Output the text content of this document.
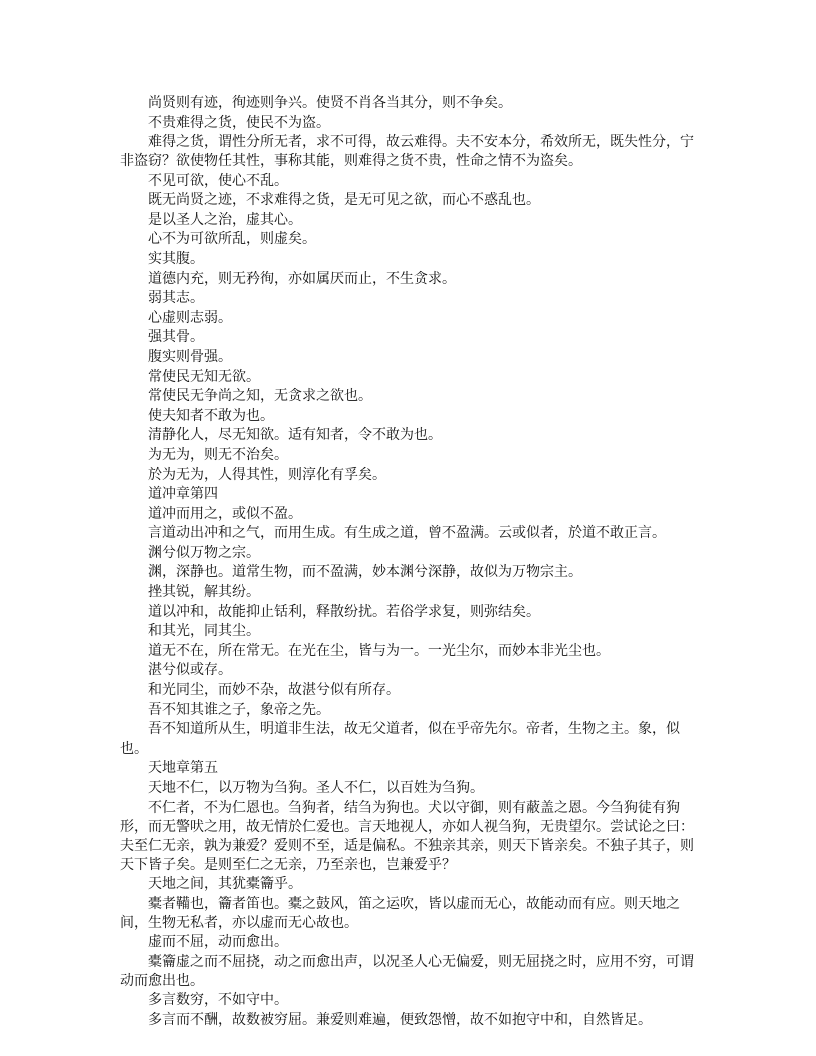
尚贤则有迹，徇迹则争兴。使贤不肖各当其分，则不争矣。

不贵难得之货，使民不为盗。

难得之货，谓性分所无者，求不可得，故云难得。夫不安本分，希效所无，既失性分，宁非盗窃？欲使物任其性，事称其能，则难得之货不贵，性命之情不为盗矣。

不见可欲，使心不乱。

既无尚贤之迹，不求难得之货，是无可见之欲，而心不惑乱也。

是以圣人之治，虚其心。

心不为可欲所乱，则虚矣。

实其腹。

道德内充，则无矜徇，亦如属厌而止，不生贪求。

弱其志。

心虚则志弱。

强其骨。

腹实则骨强。

常使民无知无欲。

常使民无争尚之知，无贪求之欲也。

使夫知者不敢为也。

清静化人，尽无知欲。适有知者，令不敢为也。

为无为，则无不治矣。

於为无为，人得其性，则淳化有孚矣。

道冲章第四

道冲而用之，或似不盈。

言道动出冲和之气，而用生成。有生成之道，曾不盈满。云或似者，於道不敢正言。

渊兮似万物之宗。

渊，深静也。道常生物，而不盈满，妙本渊兮深静，故似为万物宗主。

挫其锐，解其纷。

道以冲和，故能抑止铦利，释散纷扰。若俗学求复，则弥结矣。

和其光，同其尘。

道无不在，所在常无。在光在尘，皆与为一。一光尘尔，而妙本非光尘也。

湛兮似或存。

和光同尘，而妙不杂，故湛兮似有所存。

吾不知其谁之子，象帝之先。

吾不知道所从生，明道非生法，故无父道者，似在乎帝先尔。帝者，生物之主。象，似也。

天地章第五

天地不仁，以万物为刍狗。圣人不仁，以百姓为刍狗。

不仁者，不为仁恩也。刍狗者，结刍为狗也。犬以守御，则有蔽盖之恩。今刍狗徒有狗形，而无警吠之用，故无情於仁爱也。言天地视人，亦如人视刍狗，无贵望尔。尝试论之曰：夫至仁无亲，孰为兼爱？爱则不至，适是偏私。不独亲其亲，则天下皆亲矣。不独子其子，则天下皆子矣。是则至仁之无亲，乃至亲也，岂兼爱乎？

天地之间，其犹橐籥乎。

橐者鞴也，籥者笛也。橐之鼓风，笛之运吹，皆以虚而无心，故能动而有应。则天地之间，生物无私者，亦以虚而无心故也。

虚而不屈，动而愈出。

橐籥虚之而不屈挠，动之而愈出声，以况圣人心无偏爱，则无屈挠之时，应用不穷，可谓动而愈出也。

多言数穷，不如守中。

多言而不酬，故数被穷屈。兼爱则难遍，便致怨憎，故不如抱守中和，自然皆足。
